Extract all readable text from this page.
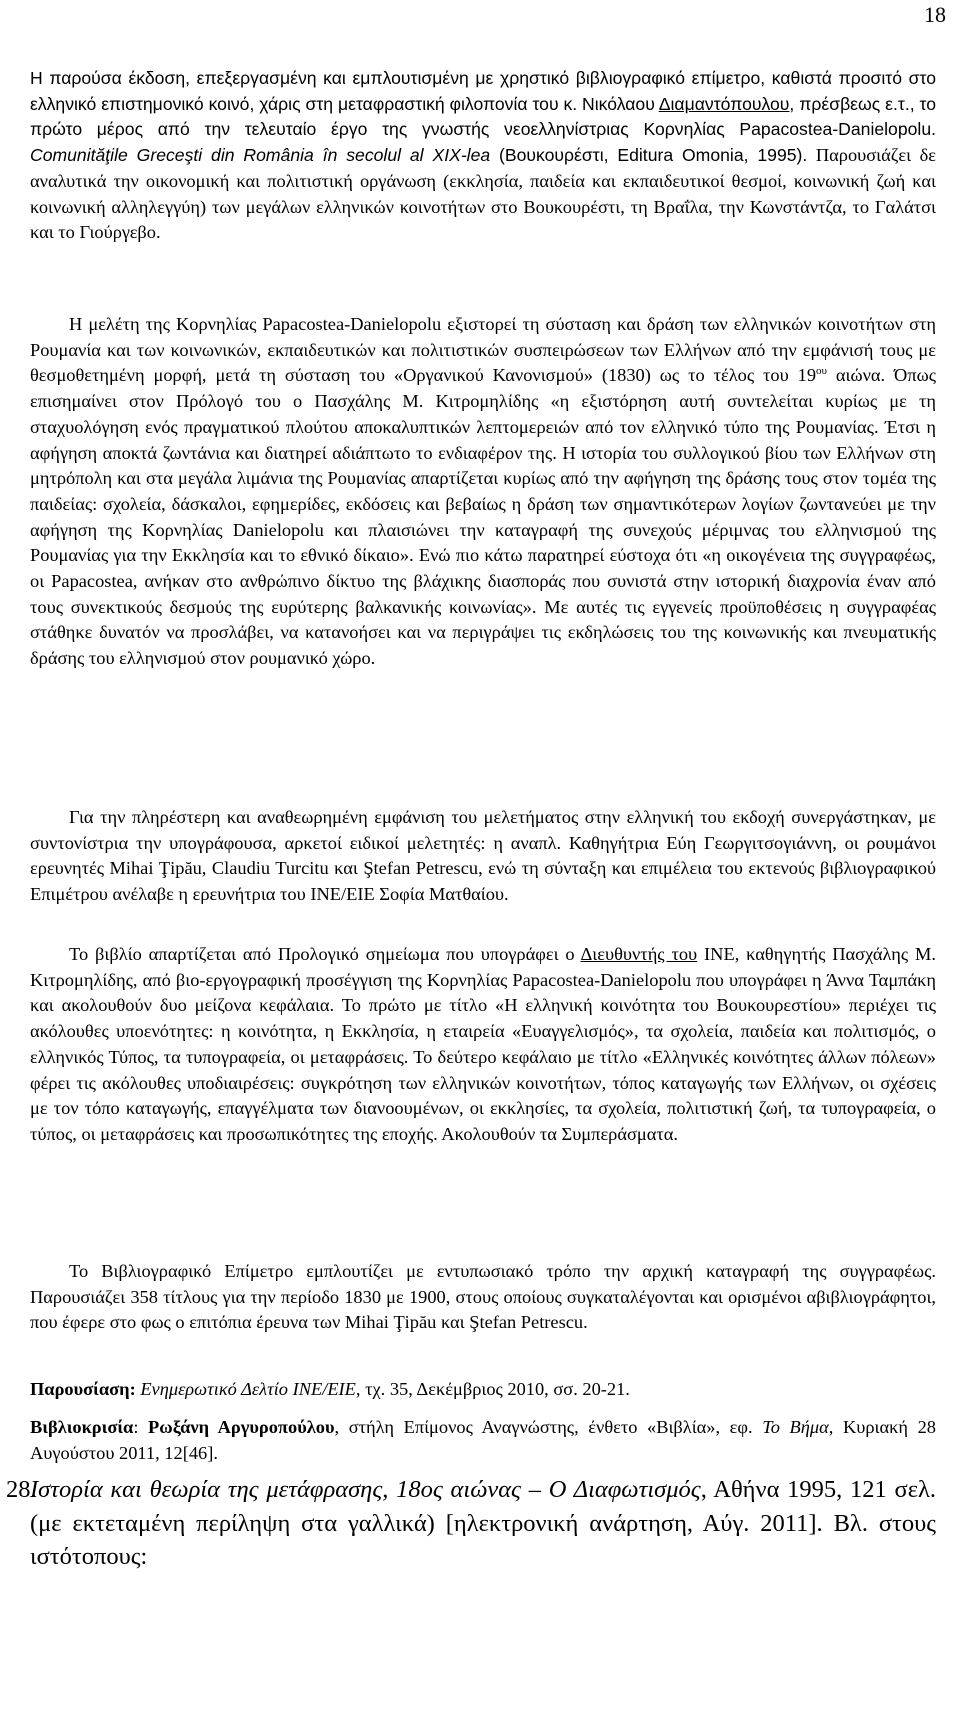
18

Η παρούσα έκδοση, επεξεργασμένη και εμπλουτισμένη με χρηστικό βιβλιογραφικό επίμετρο, καθιστά προσιτό στο ελληνικό επιστημονικό κοινό, χάρις στη μεταφραστική φιλοπονία του κ. Νικόλαου Διαμαντόπουλου, πρέσβεως ε.τ., το πρώτο μέρος από την τελευταίο έργο της γνωστής νεοελληνίστριας Κορνηλίας Papacostea-Danielopolu. Comunităţile Greceşti din România în secolul al XIX-lea (Βουκουρέστι, Editura Omonia, 1995). Παρουσιάζει δε αναλυτικά την οικονομική και πολιτιστική οργάνωση (εκκλησία, παιδεία και εκπαιδευτικοί θεσμοί, κοινωνική ζωή και κοινωνική αλληλεγγύη) των μεγάλων ελληνικών κοινοτήτων στο Βουκουρέστι, τη Βραΐλα, την Κωνστάντζα, το Γαλάτσι και το Γιούργεβο.

Η μελέτη της Κορνηλίας Papacostea-Danielopolu εξιστορεί τη σύσταση και δράση των ελληνικών κοινοτήτων στη Ρουμανία και των κοινωνικών, εκπαιδευτικών και πολιτιστικών συσπειρώσεων των Ελλήνων από την εμφάνισή τους με θεσμοθετημένη μορφή, μετά τη σύσταση του «Οργανικού Κανονισμού» (1830) ως το τέλος του $19^{o\upsilon}$ αιώνα. Όπως επισημαίνει στον Πρόλογό του ο Πασχάλης Μ. Κιτρομηλίδης «η εξιστόρηση αυτή συντελείται κυρίως με τη σταχυολόγηση ενός πραγματικού πλούτου αποκαλυπτικών λεπτομερειών από τον ελληνικό τύπο της Ρουμανίας. Έτσι η αφήγηση αποκτά ζωντάνια και διατηρεί αδιάπτωτο το ενδιαφέρον της. Η ιστορία του συλλογικού βίου των Ελλήνων στη μητρόπολη και στα μεγάλα λιμάνια της Ρουμανίας απαρτίζεται κυρίως από την αφήγηση της δράσης τους στον τομέα της παιδείας: σχολεία, δάσκαλοι, εφημερίδες, εκδόσεις και βεβαίως η δράση των σημαντικότερων λογίων ζωντανεύει με την αφήγηση της Κορνηλίας Danielopolu και πλαισιώνει την καταγραφή της συνεχούς μέριμνας του ελληνισμού της Ρουμανίας για την Εκκλησία και το εθνικό δίκαιο». Ενώ πιο κάτω παρατηρεί εύστοχα ότι «η οικογένεια της συγγραφέως, οι Papacostea, ανήκαν στο ανθρώπινο δίκτυο της βλάχικης διασποράς που συνιστά στην ιστορική διαχρονία έναν από τους συνεκτικούς δεσμούς της ευρύτερης βαλκανικής κοινωνίας». Με αυτές τις εγγενείς προϋποθέσεις η συγγραφέας στάθηκε δυνατόν να προσλάβει, να κατανοήσει και να περιγράψει τις εκδηλώσεις του της κοινωνικής και πνευματικής δράσης του ελληνισμού στον ρουμανικό χώρο.

Για την πληρέστερη και αναθεωρημένη εμφάνιση του μελετήματος στην ελληνική του εκδοχή συνεργάστηκαν, με συντονίστρια την υπογράφουσα, αρκετοί ειδικοί μελετητές: η αναπλ. Καθηγήτρια Εύη Γεωργιτσογιάννη, οι ρουμάνοι ερευνητές Mihai Ţipău, Claudiu Turcitu και Ştefan Petrescu, ενώ τη σύνταξη και επιμέλεια του εκτενούς βιβλιογραφικού Επιμέτρου ανέλαβε η ερευνήτρια του ΙΝΕ/ΕΙΕ Σοφία Ματθαίου.

Το βιβλίο απαρτίζεται από Προλογικό σημείωμα που υπογράφει ο Διευθυντής του ΙΝΕ, καθηγητής Πασχάλης Μ. Κιτρομηλίδης, από βιο-εργογραφική προσέγγιση της Κορνηλίας Papacostea-Danielopolu που υπογράφει η Άννα Ταμπάκη και ακολουθούν δυο μείζονα κεφάλαια. Το πρώτο με τίτλο «Η ελληνική κοινότητα του Βουκουρεστίου» περιέχει τις ακόλουθες υποενότητες: η κοινότητα, η Εκκλησία, η εταιρεία «Ευαγγελισμός», τα σχολεία, παιδεία και πολιτισμός, ο ελληνικός Τύπος, τα τυπογραφεία, οι μεταφράσεις. Το δεύτερο κεφάλαιο με τίτλο «Ελληνικές κοινότητες άλλων πόλεων» φέρει τις ακόλουθες υποδιαιρέσεις: συγκρότηση των ελληνικών κοινοτήτων, τόπος καταγωγής των Ελλήνων, οι σχέσεις με τον τόπο καταγωγής, επαγγέλματα των διανοουμένων, οι εκκλησίες, τα σχολεία, πολιτιστική ζωή, τα τυπογραφεία, ο τύπος, οι μεταφράσεις και προσωπικότητες της εποχής. Ακολουθούν τα Συμπεράσματα.

Το Βιβλιογραφικό Επίμετρο εμπλουτίζει με εντυπωσιακό τρόπο την αρχική καταγραφή της συγγραφέως. Παρουσιάζει 358 τίτλους για την περίοδο 1830 με 1900, στους οποίους συγκαταλέγονται και ορισμένοι αβιβλιογράφητοι, που έφερε στο φως ο επιτόπια έρευνα των Mihai Ţipău και Ştefan Petrescu.

Παρουσίαση: Ενημερωτικό Δελτίο ΙΝΕ/ΕΙΕ, τχ. 35, Δεκέμβριος 2010, σσ. 20-21.

Βιβλιοκρισία: Ρωξάνη Αργυροπούλου, στήλη Επίμονος Αναγνώστης, ένθετο «Βιβλία», εφ. Το Βήμα, Κυριακή 28 Αυγούστου 2011, 12[46].

28.
Ιστορία και θεωρία της μετάφρασης, 18ος αιώνας – Ο Διαφωτισμός, Αθήνα 1995, 121 σελ. (με εκτεταμένη περίληψη στα γαλλικά) [ηλεκτρονική ανάρτηση, Αύγ. 2011]. Βλ. στους ιστότοπους:
